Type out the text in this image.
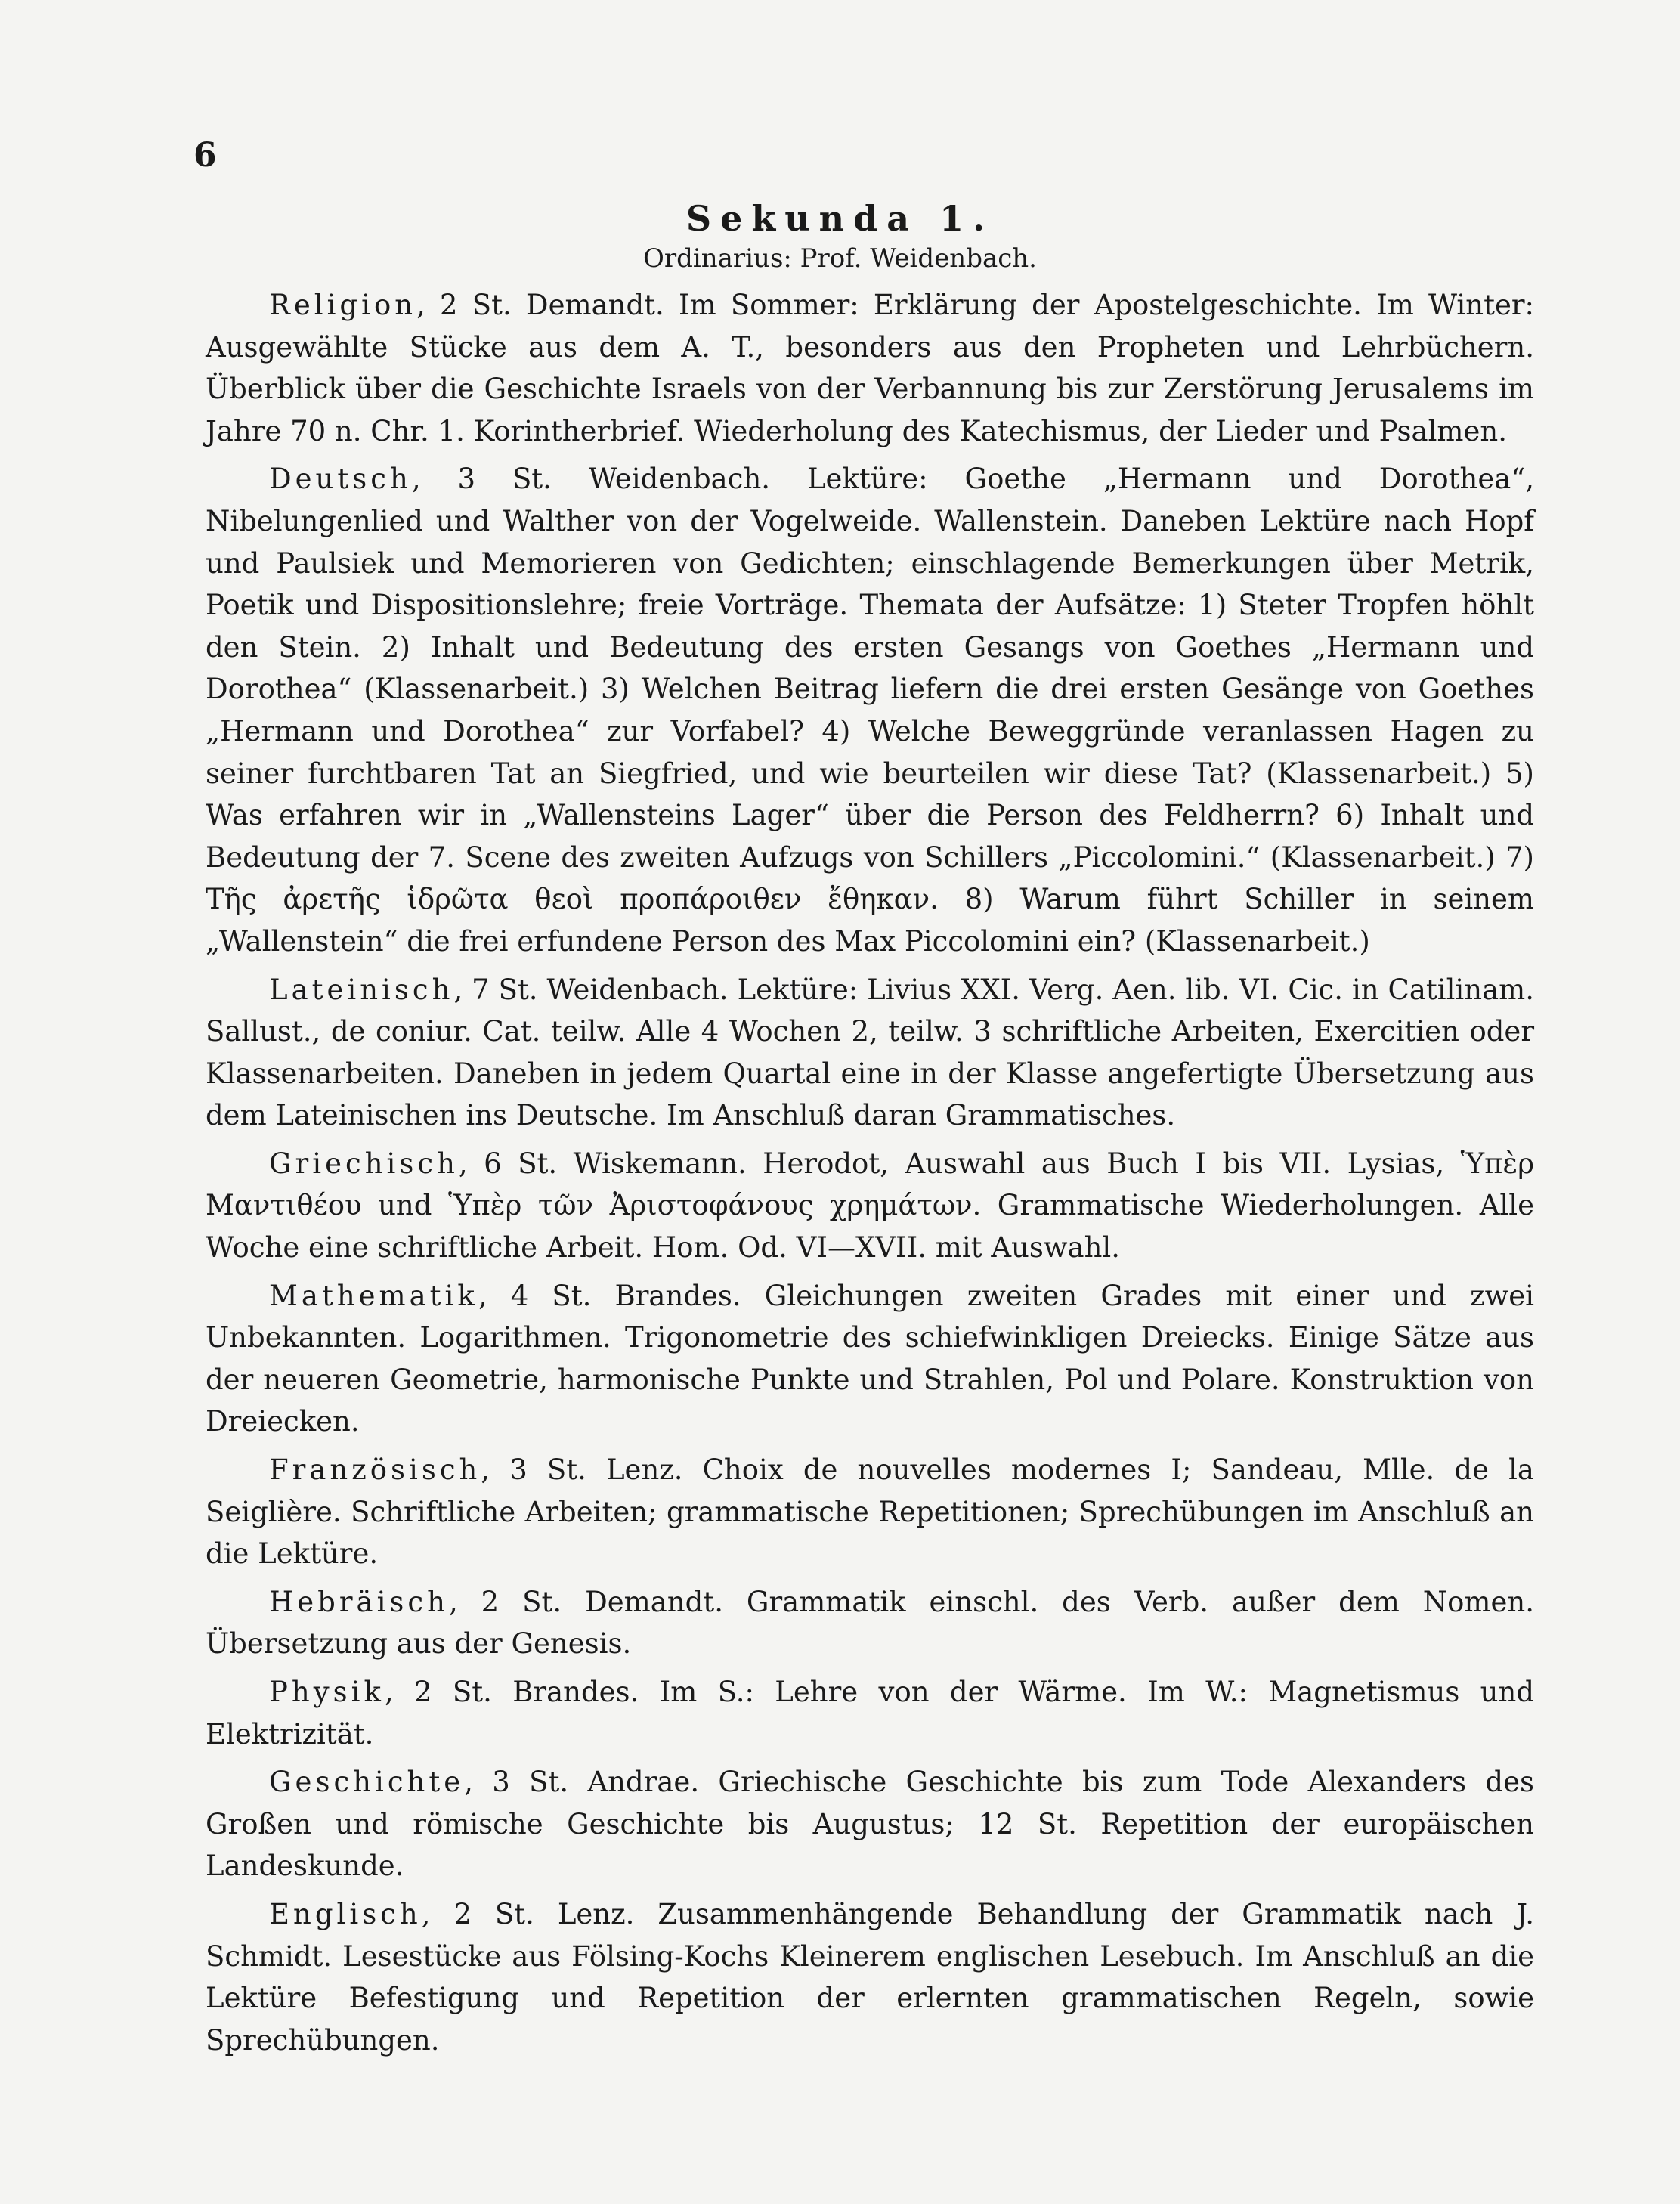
6
Sekunda 1.
Ordinarius: Prof. Weidenbach.

Religion, 2 St. Demandt. Im Sommer: Erklärung der Apostelgeschichte. Im Winter: Ausgewählte Stücke aus dem A. T., besonders aus den Propheten und Lehrbüchern. Überblick über die Geschichte Israels von der Verbannung bis zur Zerstörung Jerusalems im Jahre 70 n. Chr. 1. Korintherbrief. Wiederholung des Katechismus, der Lieder und Psalmen.

Deutsch, 3 St. Weidenbach. Lektüre: Goethe „Hermann und Dorothea“, Nibelungenlied und Walther von der Vogelweide. Wallenstein. Daneben Lektüre nach Hopf und Paulsiek und Memorieren von Gedichten; einschlagende Bemerkungen über Metrik, Poetik und Dispositionslehre; freie Vorträge. Themata der Aufsätze: 1) Steter Tropfen höhlt den Stein. 2) Inhalt und Bedeutung des ersten Gesangs von Goethes „Hermann und Dorothea“ (Klassenarbeit.) 3) Welchen Beitrag liefern die drei ersten Gesänge von Goethes „Hermann und Dorothea“ zur Vorfabel? 4) Welche Beweggründe veranlassen Hagen zu seiner furchtbaren Tat an Siegfried, und wie beurteilen wir diese Tat? (Klassenarbeit.) 5) Was erfahren wir in „Wallensteins Lager“ über die Person des Feldherrn? 6) Inhalt und Bedeutung der 7. Scene des zweiten Aufzugs von Schillers „Piccolomini.“ (Klassenarbeit.) 7) Τῆς ἀρετῆς ἱδρῶτα θεοὶ προπάροιθεν ἔθηκαν. 8) Warum führt Schiller in seinem „Wallenstein“ die frei erfundene Person des Max Piccolomini ein? (Klassenarbeit.)

Lateinisch, 7 St. Weidenbach. Lektüre: Livius XXI. Verg. Aen. lib. VI. Cic. in Catilinam. Sallust., de coniur. Cat. teilw. Alle 4 Wochen 2, teilw. 3 schriftliche Arbeiten, Exercitien oder Klassenarbeiten. Daneben in jedem Quartal eine in der Klasse angefertigte Übersetzung aus dem Lateinischen ins Deutsche. Im Anschluß daran Grammatisches.

Griechisch, 6 St. Wiskemann. Herodot, Auswahl aus Buch I bis VII. Lysias, Ὑπὲρ Μαντιθέου und Ὑπὲρ τῶν Ἀριστοφάνους χρημάτων. Grammatische Wiederholungen. Alle Woche eine schriftliche Arbeit. Hom. Od. VI—XVII. mit Auswahl.

Mathematik, 4 St. Brandes. Gleichungen zweiten Grades mit einer und zwei Unbekannten. Logarithmen. Trigonometrie des schiefwinkligen Dreiecks. Einige Sätze aus der neueren Geometrie, harmonische Punkte und Strahlen, Pol und Polare. Konstruktion von Dreiecken.

Französisch, 3 St. Lenz. Choix de nouvelles modernes I; Sandeau, Mlle. de la Seiglière. Schriftliche Arbeiten; grammatische Repetitionen; Sprechübungen im Anschluß an die Lektüre.

Hebräisch, 2 St. Demandt. Grammatik einschl. des Verb. außer dem Nomen. Übersetzung aus der Genesis.

Physik, 2 St. Brandes. Im S.: Lehre von der Wärme. Im W.: Magnetismus und Elektrizität.

Geschichte, 3 St. Andrae. Griechische Geschichte bis zum Tode Alexanders des Großen und römische Geschichte bis Augustus; 12 St. Repetition der europäischen Landeskunde.

Englisch, 2 St. Lenz. Zusammenhängende Behandlung der Grammatik nach J. Schmidt. Lesestücke aus Fölsing-Kochs Kleinerem englischen Lesebuch. Im Anschluß an die Lektüre Befestigung und Repetition der erlernten grammatischen Regeln, sowie Sprechübungen.
